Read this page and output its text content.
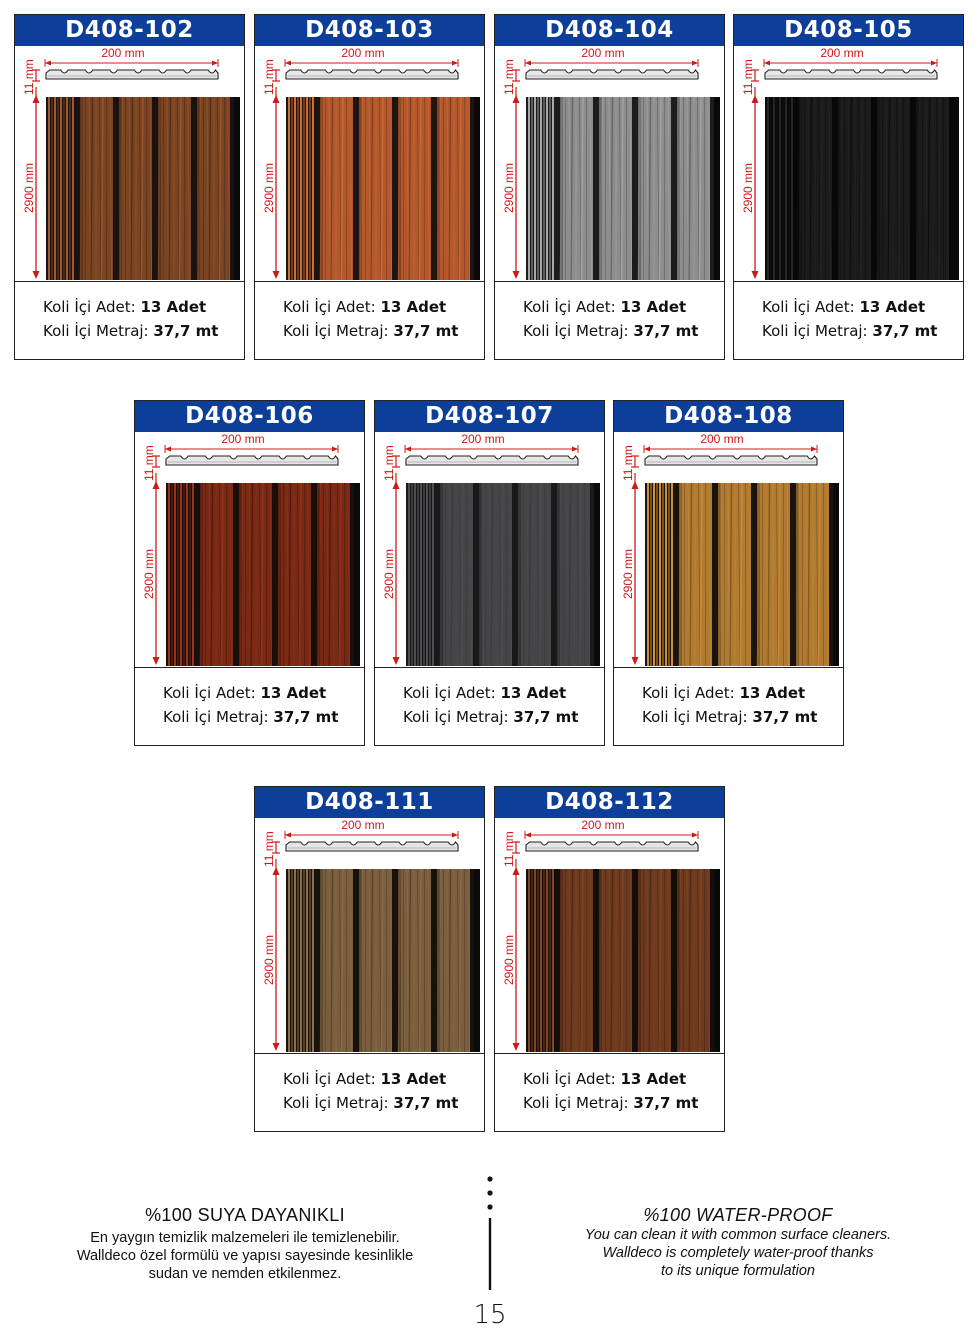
D408-102
200 mm
11 mm
2900 mm
Koli İçi Adet: 13 Adet
Koli İçi Metraj: 37,7 mt
D408-103
200 mm
11 mm
2900 mm
Koli İçi Adet: 13 Adet
Koli İçi Metraj: 37,7 mt
D408-104
200 mm
11 mm
2900 mm
Koli İçi Adet: 13 Adet
Koli İçi Metraj: 37,7 mt
D408-105
200 mm
11 mm
2900 mm
Koli İçi Adet: 13 Adet
Koli İçi Metraj: 37,7 mt
D408-106
200 mm
11 mm
2900 mm
Koli İçi Adet: 13 Adet
Koli İçi Metraj: 37,7 mt
D408-107
200 mm
11 mm
2900 mm
Koli İçi Adet: 13 Adet
Koli İçi Metraj: 37,7 mt
D408-108
200 mm
11 mm
2900 mm
Koli İçi Adet: 13 Adet
Koli İçi Metraj: 37,7 mt
D408-111
200 mm
11 mm
2900 mm
Koli İçi Adet: 13 Adet
Koli İçi Metraj: 37,7 mt
D408-112
200 mm
11 mm
2900 mm
Koli İçi Adet: 13 Adet
Koli İçi Metraj: 37,7 mt
%100 SUYA DAYANIKLI
En yaygın temizlik malzemeleri ile temizlenebilir.
Walldeco özel formülü ve yapısı sayesinde kesinlikle
sudan ve nemden etkilenmez.
%100 WATER-PROOF
You can clean it with common surface cleaners.
Walldeco is completely water-proof thanks
to its unique formulation
15
